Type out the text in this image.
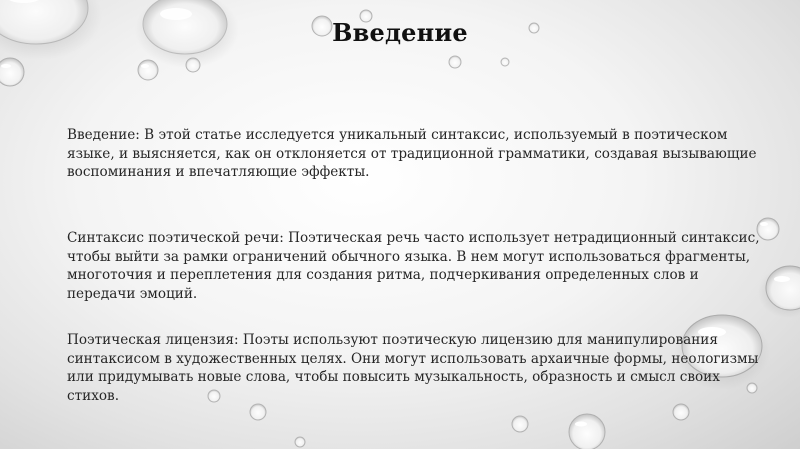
Введение

Введение: В этой статье исследуется уникальный синтаксис, используемый в поэтическом языке, и выясняется, как он отклоняется от традиционной грамматики, создавая вызывающие воспоминания и впечатляющие эффекты.

Синтаксис поэтической речи: Поэтическая речь часто использует нетрадиционный синтаксис, чтобы выйти за рамки ограничений обычного языка. В нем могут использоваться фрагменты, многоточия и переплетения для создания ритма, подчеркивания определенных слов и передачи эмоций.

Поэтическая лицензия: Поэты используют поэтическую лицензию для манипулирования синтаксисом в художественных целях. Они могут использовать архаичные формы, неологизмы или придумывать новые слова, чтобы повысить музыкальность, образность и смысл своих стихов.
